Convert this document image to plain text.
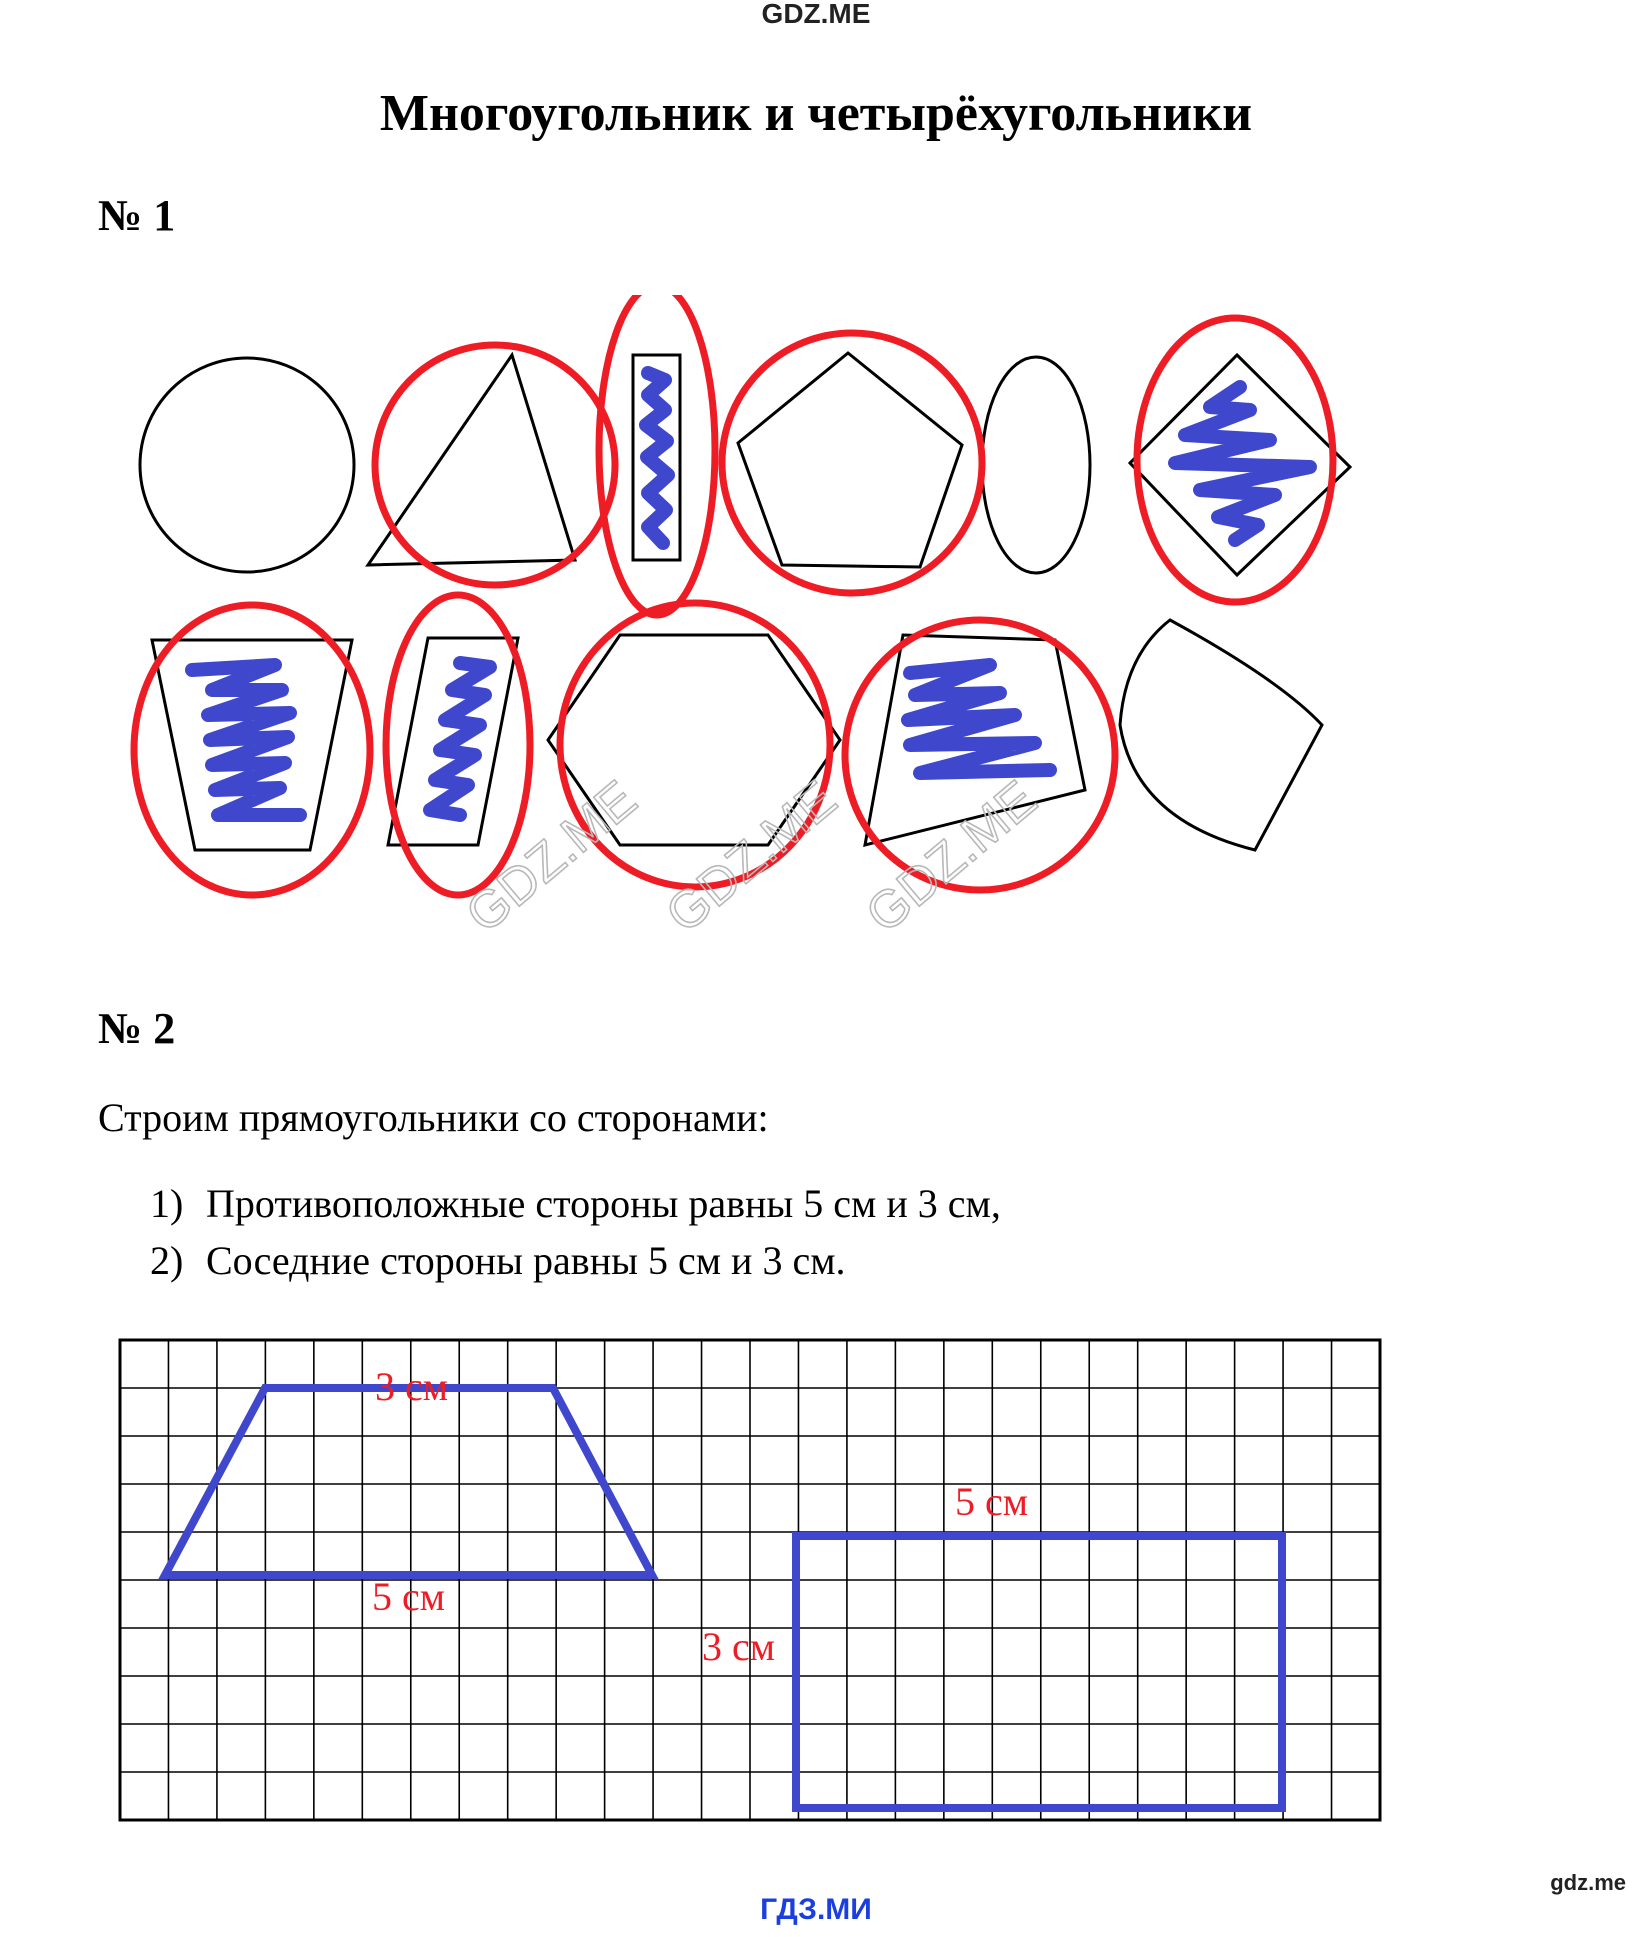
GDZ.ME
Многоугольник и четырёхугольники
№ 1
GDZ.ME GDZ.ME GDZ.ME
№ 2
Строим прямоугольники со сторонами:
1) Противоположные стороны равны 5 см и 3 см,
2) Соседние стороны равны 5 см и 3 см.
3 см
5 см
5 см
3 см
ГДЗ.МИ
gdz.me
